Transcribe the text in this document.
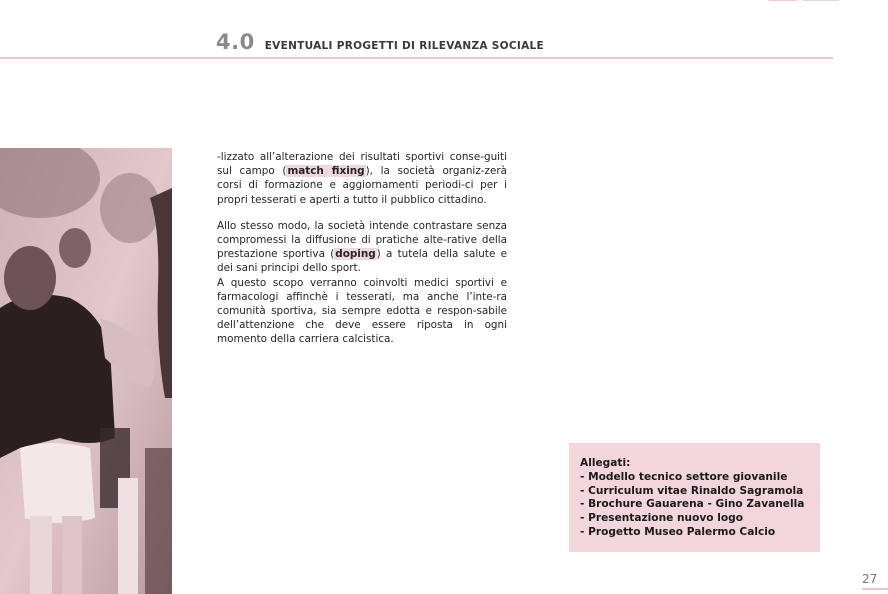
4.0 EVENTUALI PROGETTI DI RILEVANZA SOCIALE

-lizzato all’alterazione dei risultati sportivi conse-guiti sul campo (match fixing), la società organiz-zerà corsi di formazione e aggiornamenti periodi-ci per i propri tesserati e aperti a tutto il pubblico cittadino.

Allo stesso modo, la società intende contrastare senza compromessi la diffusione di pratiche alte-rative della prestazione sportiva (doping) a tutela della salute e dei sani principi dello sport.
A questo scopo verranno coinvolti medici sportivi e farmacologi affinchè i tesserati, ma anche l’inte-ra comunità sportiva, sia sempre edotta e respon-sabile dell’attenzione che deve essere riposta in ogni momento della carriera calcistica.

Allegati:
- Modello tecnico settore giovanile
- Curriculum vitae Rinaldo Sagramola
- Brochure Gauarena - Gino Zavanella
- Presentazione nuovo logo
- Progetto Museo Palermo Calcio
27
